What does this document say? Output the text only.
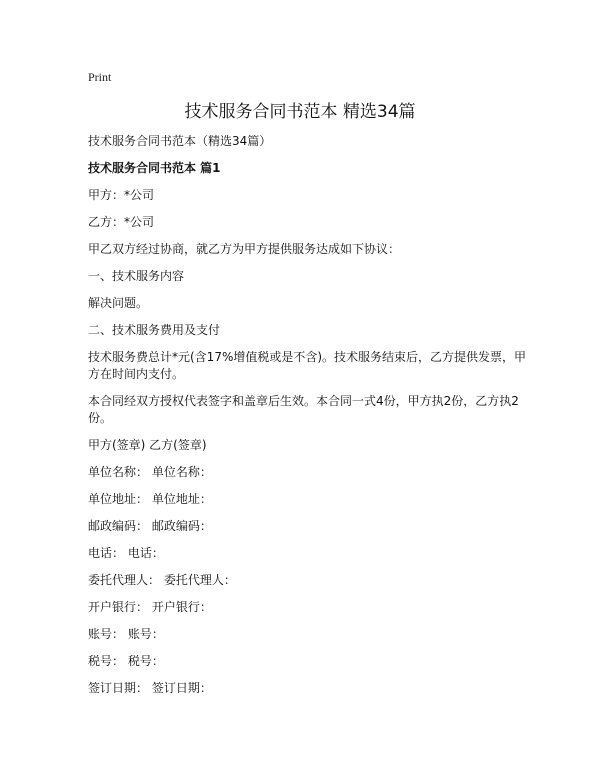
Print
技术服务合同书范本 精选34篇

技术服务合同书范本（精选34篇）

技术服务合同书范本 篇1

甲方：*公司

乙方：*公司

甲乙双方经过协商，就乙方为甲方提供服务达成如下协议：

一、技术服务内容

解决问题。

二、技术服务费用及支付

技术服务费总计*元(含17%增值税或是不含)。技术服务结束后，乙方提供发票，甲方在时间内支付。

本合同经双方授权代表签字和盖章后生效。本合同一式4份，甲方执2份，乙方执2份。

甲方(签章) 乙方(签章)

单位名称： 单位名称：

单位地址： 单位地址：

邮政编码： 邮政编码：

电话： 电话：

委托代理人： 委托代理人：

开户银行： 开户银行：

账号： 账号：

税号： 税号：

签订日期： 签订日期：
